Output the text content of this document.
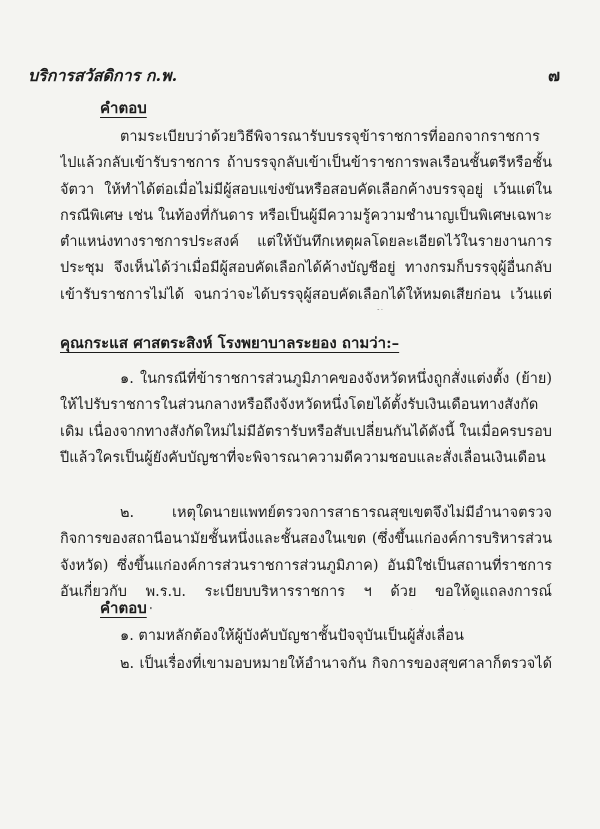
บริการสวัสดิการ ก.พ.	๗
คำตอบ

ตามระเบียบว่าด้วยวิธีพิจารณารับบรรจุข้าราชการที่ออกจากราชการไปแล้วกลับเข้ารับราชการ ถ้าบรรจุกลับเข้าเป็นข้าราชการพลเรือนชั้นตรีหรือชั้นจัตวา ให้ทำได้ต่อเมื่อไม่มีผู้สอบแข่งขันหรือสอบคัดเลือกค้างบรรจุอยู่ เว้นแต่ในกรณีพิเศษ เช่น ในท้องที่กันดาร หรือเป็นผู้มีความรู้ความชำนาญเป็นพิเศษเฉพาะตำแหน่งทางราชการประสงค์ แต่ให้บันทึกเหตุผลโดยละเอียดไว้ในรายงานการประชุม จึงเห็นได้ว่าเมื่อมีผู้สอบคัดเลือกได้ค้างบัญชีอยู่ ทางกรมก็บรรจุผู้อื่นกลับเข้ารับราชการไม่ได้ จนกว่าจะได้บรรจุผู้สอบคัดเลือกได้ให้หมดเสียก่อน เว้นแต่

คุณกระแส ศาสตระสิงห์ โรงพยาบาลระยอง ถามว่า:–

๑. ในกรณีที่ข้าราชการส่วนภูมิภาคของจังหวัดหนึ่งถูกสั่งแต่งตั้ง (ย้าย) ให้ไปรับราชการในส่วนกลางหรือถึงจังหวัดหนึ่งโดยได้ตั้งรับเงินเดือนทางสังกัดเดิม เนื่องจากทางสังกัดใหม่ไม่มีอัตรารับหรือสับเปลี่ยนกันได้ดังนี้ ในเมื่อครบรอบปีแล้วใครเป็นผู้ยังคับบัญชาที่จะพิจารณาความดีความชอบและสั่งเลื่อนเงินเดือน

๒. เหตุใดนายแพทย์ตรวจการสาธารณสุขเขตจึงไม่มีอำนาจตรวจ กิจการของสถานีอนามัยชั้นหนึ่งและชั้นสองในเขต (ซึ่งขึ้นแก่องค์การบริหารส่วนจังหวัด) ซึ่งขึ้นแก่องค์การส่วนราชการส่วนภูมิภาค) อันมิใช่เป็นสถานที่ราชการอันเกี่ยวกับ พ.ร.บ. ระเบียบบริหารราชการ ฯ ด้วย ขอให้ดูแถลงการณ์

คำตอบ

๑. ตามหลักต้องให้ผู้บังคับบัญชาชั้นปัจจุบันเป็นผู้สั่งเลื่อน

๒. เป็นเรื่องที่เขามอบหมายให้อำนาจกัน กิจการของสุขศาลาก็ตรวจได้
